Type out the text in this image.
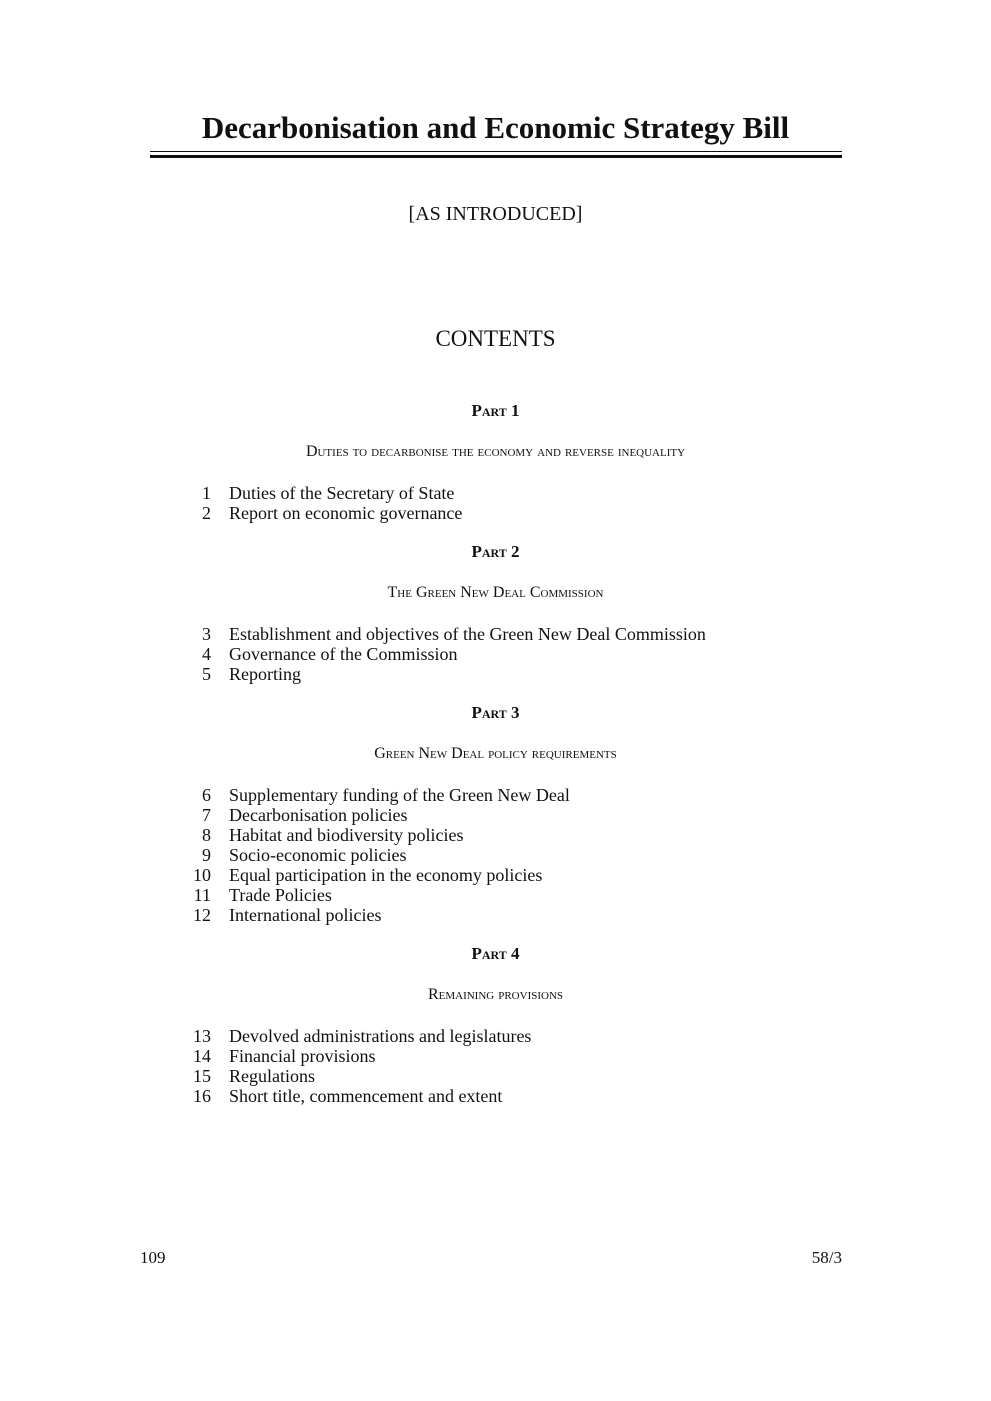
Decarbonisation and Economic Strategy Bill
[AS INTRODUCED]
CONTENTS
Part 1
Duties to decarbonise the economy and reverse inequality
1 Duties of the Secretary of State
2 Report on economic governance
Part 2
The Green New Deal Commission
3 Establishment and objectives of the Green New Deal Commission
4 Governance of the Commission
5 Reporting
Part 3
Green New Deal policy requirements
6 Supplementary funding of the Green New Deal
7 Decarbonisation policies
8 Habitat and biodiversity policies
9 Socio-economic policies
10 Equal participation in the economy policies
11 Trade Policies
12 International policies
Part 4
Remaining provisions
13 Devolved administrations and legislatures
14 Financial provisions
15 Regulations
16 Short title, commencement and extent
109	58/3
